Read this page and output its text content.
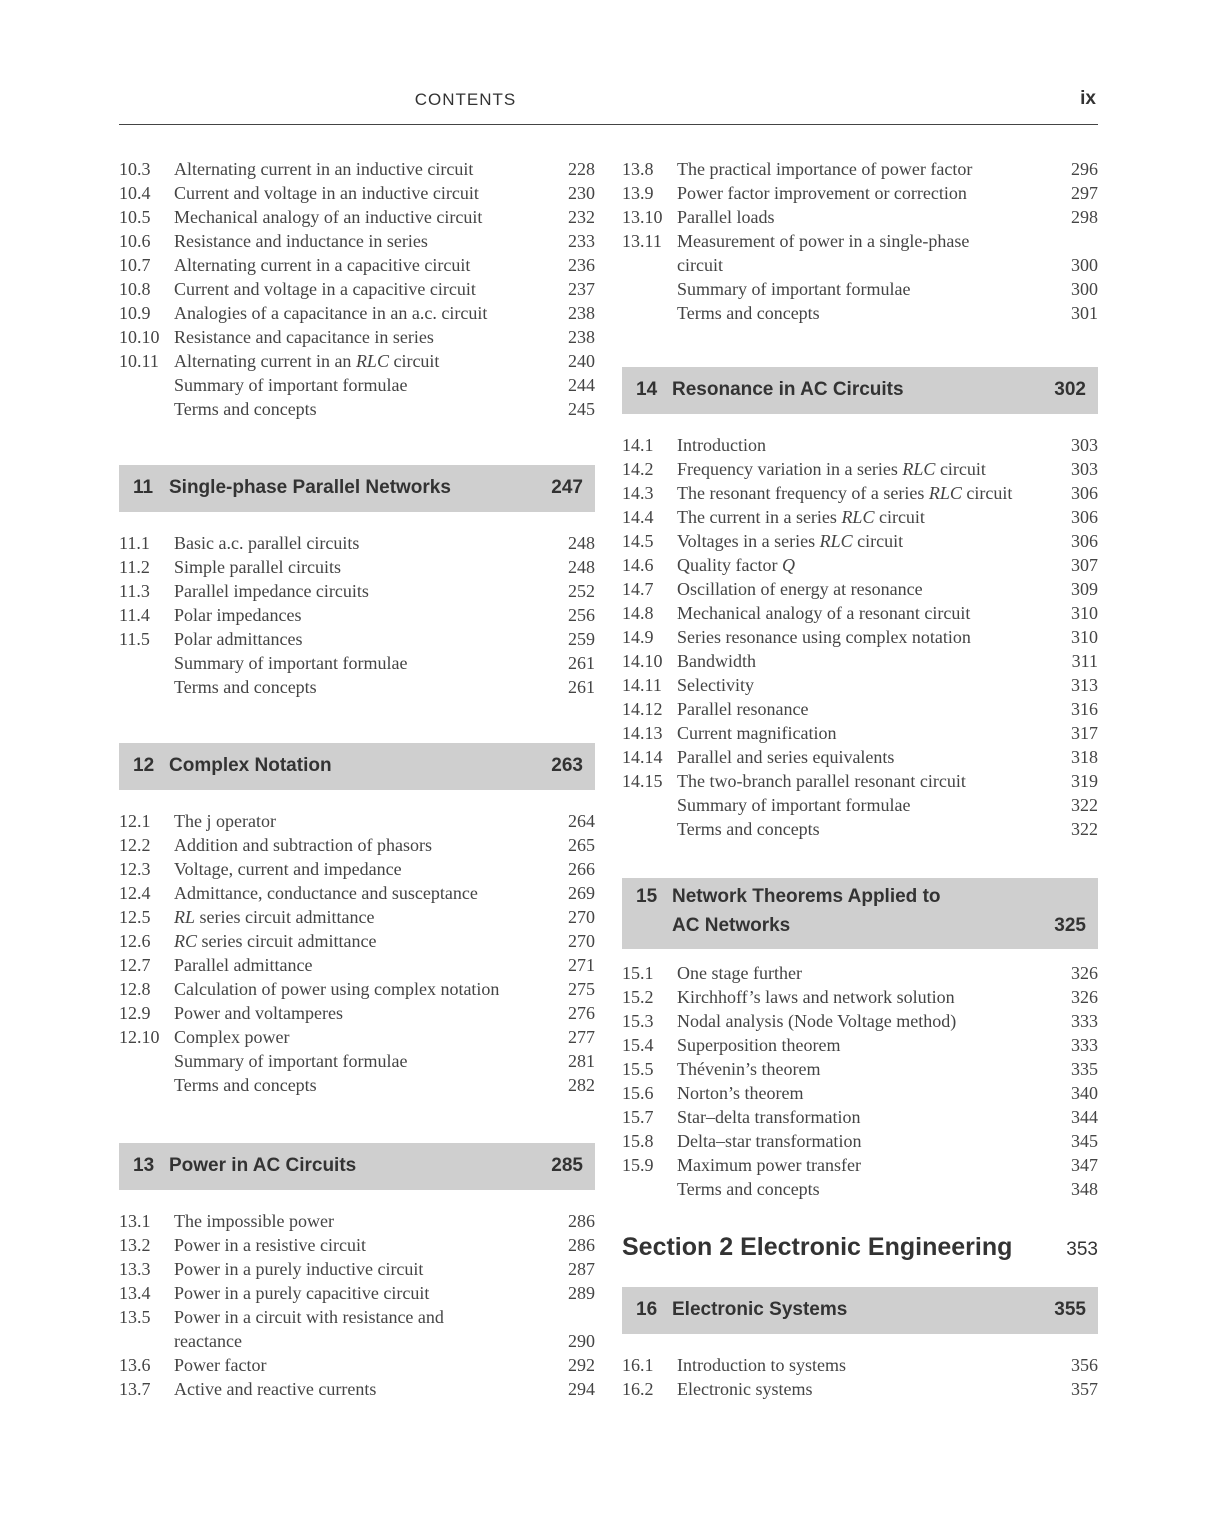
CONTENTS	ix
10.3 Alternating current in an inductive circuit	228
10.4 Current and voltage in an inductive circuit	230
10.5 Mechanical analogy of an inductive circuit	232
10.6 Resistance and inductance in series	233
10.7 Alternating current in a capacitive circuit	236
10.8 Current and voltage in a capacitive circuit	237
10.9 Analogies of a capacitance in an a.c. circuit	238
10.10 Resistance and capacitance in series	238
10.11 Alternating current in an RLC circuit	240
Summary of important formulae	244
Terms and concepts	245
11 Single-phase Parallel Networks	247
11.1 Basic a.c. parallel circuits	248
11.2 Simple parallel circuits	248
11.3 Parallel impedance circuits	252
11.4 Polar impedances	256
11.5 Polar admittances	259
Summary of important formulae	261
Terms and concepts	261
12 Complex Notation	263
12.1 The j operator	264
12.2 Addition and subtraction of phasors	265
12.3 Voltage, current and impedance	266
12.4 Admittance, conductance and susceptance	269
12.5 RL series circuit admittance	270
12.6 RC series circuit admittance	270
12.7 Parallel admittance	271
12.8 Calculation of power using complex notation	275
12.9 Power and voltamperes	276
12.10 Complex power	277
Summary of important formulae	281
Terms and concepts	282
13 Power in AC Circuits	285
13.1 The impossible power	286
13.2 Power in a resistive circuit	286
13.3 Power in a purely inductive circuit	287
13.4 Power in a purely capacitive circuit	289
13.5 Power in a circuit with resistance and
reactance	290
13.6 Power factor	292
13.7 Active and reactive currents	294
13.8 The practical importance of power factor	296
13.9 Power factor improvement or correction	297
13.10 Parallel loads	298
13.11 Measurement of power in a single-phase
circuit	300
Summary of important formulae	300
Terms and concepts	301
14 Resonance in AC Circuits	302
14.1 Introduction	303
14.2 Frequency variation in a series RLC circuit	303
14.3 The resonant frequency of a series RLC circuit	306
14.4 The current in a series RLC circuit	306
14.5 Voltages in a series RLC circuit	306
14.6 Quality factor Q	307
14.7 Oscillation of energy at resonance	309
14.8 Mechanical analogy of a resonant circuit	310
14.9 Series resonance using complex notation	310
14.10 Bandwidth	311
14.11 Selectivity	313
14.12 Parallel resonance	316
14.13 Current magnification	317
14.14 Parallel and series equivalents	318
14.15 The two-branch parallel resonant circuit	319
Summary of important formulae	322
Terms and concepts	322
15 Network Theorems Applied to
AC Networks	325
15.1 One stage further	326
15.2 Kirchhoff’s laws and network solution	326
15.3 Nodal analysis (Node Voltage method)	333
15.4 Superposition theorem	333
15.5 Thévenin’s theorem	335
15.6 Norton’s theorem	340
15.7 Star–delta transformation	344
15.8 Delta–star transformation	345
15.9 Maximum power transfer	347
Terms and concepts	348
Section 2 Electronic Engineering	353
16 Electronic Systems	355
16.1 Introduction to systems	356
16.2 Electronic systems	357
